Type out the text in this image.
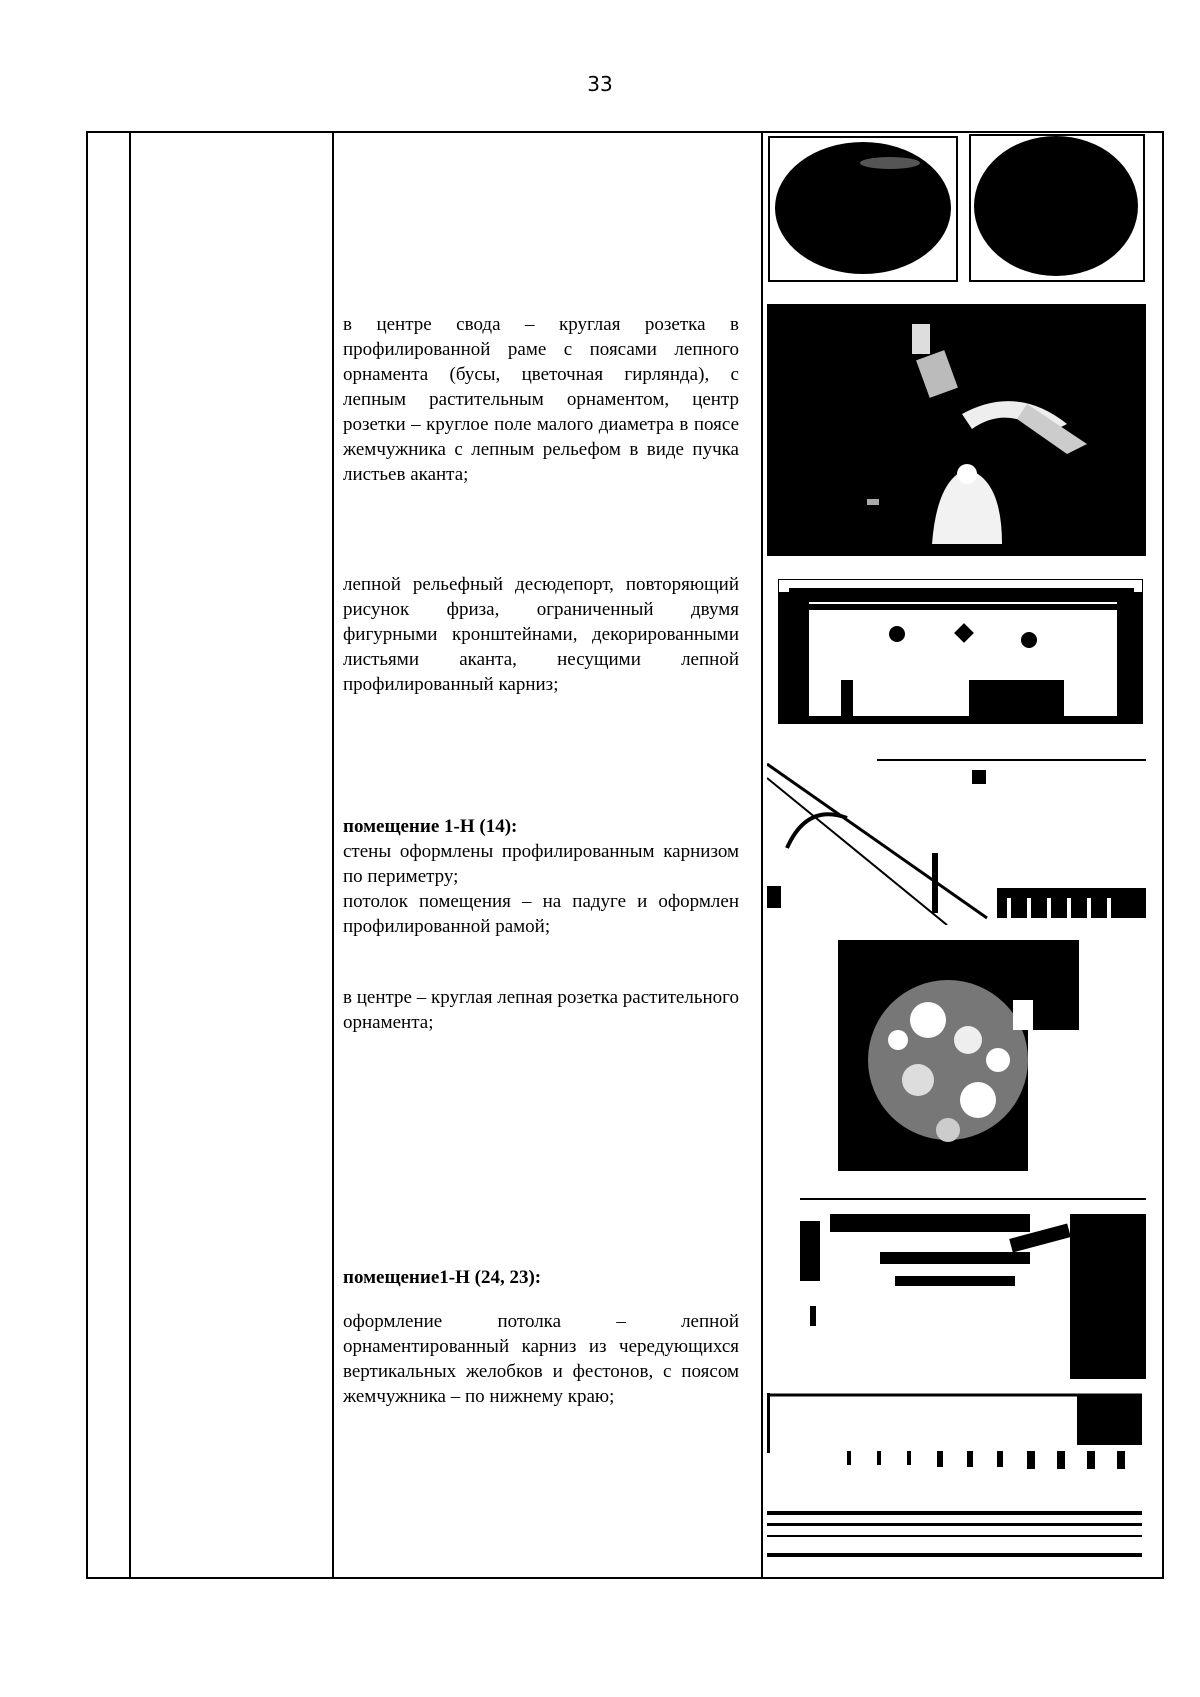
33

в центре свода – круглая розетка в профилированной раме с поясами лепного орнамента (бусы, цветочная гирлянда), с лепным растительным орнаментом, центр розетки – круглое поле малого диаметра в поясе жемчужника с лепным рельефом в виде пучка листьев аканта;

лепной рельефный десюдепорт, повторяющий рисунок фриза, ограниченный двумя фигурными кронштейнами, декорированными листьями аканта, несущими лепной профилированный карниз;

помещение 1-Н (14):

стены оформлены профилированным карнизом по периметру;

потолок помещения – на падуге и оформлен профилированной рамой;

в центре – круглая лепная розетка растительного орнамента;

помещение1-Н (24, 23):

оформление потолка – лепной орнаментированный карниз из чередующихся вертикальных желобков и фестонов, с поясом жемчужника – по нижнему краю;
